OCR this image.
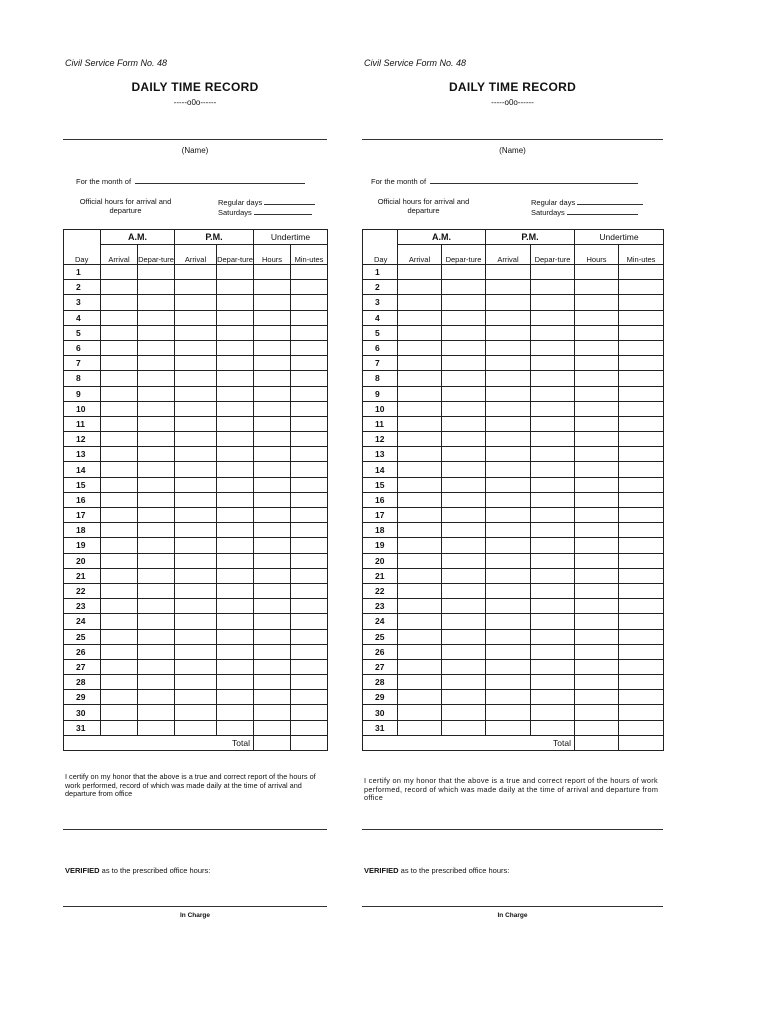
Civil Service Form No. 48
DAILY TIME RECORD
-----o0o------
(Name)
For the month of
Official hours for arrival and departure
Regular days
Saturdays
Day	A.M.		P.M.		Undertime	
	Arrival	Depar-ture	Arrival	Depar-ture	Hours	Min-utes
1						
2						
3						
4						
5						
6						
7						
8						
9						
10						
11						
12						
13						
14						
15						
16						
17						
18						
19						
20						
21						
22						
23						
24						
25						
26						
27						
28						
29						
30						
31						
Total						
I certify on my honor that the above is a true and correct report of the hours of work performed, record of which was made daily at the time of arrival and departure from office
VERIFIED as to the prescribed office hours:
In Charge
Civil Service Form No. 48
DAILY TIME RECORD
-----o0o------
(Name)
For the month of
Official hours for arrival and departure
Regular days
Saturdays
Day	A.M.		P.M.		Undertime	
	Arrival	Depar-ture	Arrival	Depar-ture	Hours	Min-utes
1						
2						
3						
4						
5						
6						
7						
8						
9						
10						
11						
12						
13						
14						
15						
16						
17						
18						
19						
20						
21						
22						
23						
24						
25						
26						
27						
28						
29						
30						
31						
Total						
I certify on my honor that the above is a true and correct report of the hours of work performed, record of which was made daily at the time of arrival and departure from office
VERIFIED as to the prescribed office hours:
In Charge
